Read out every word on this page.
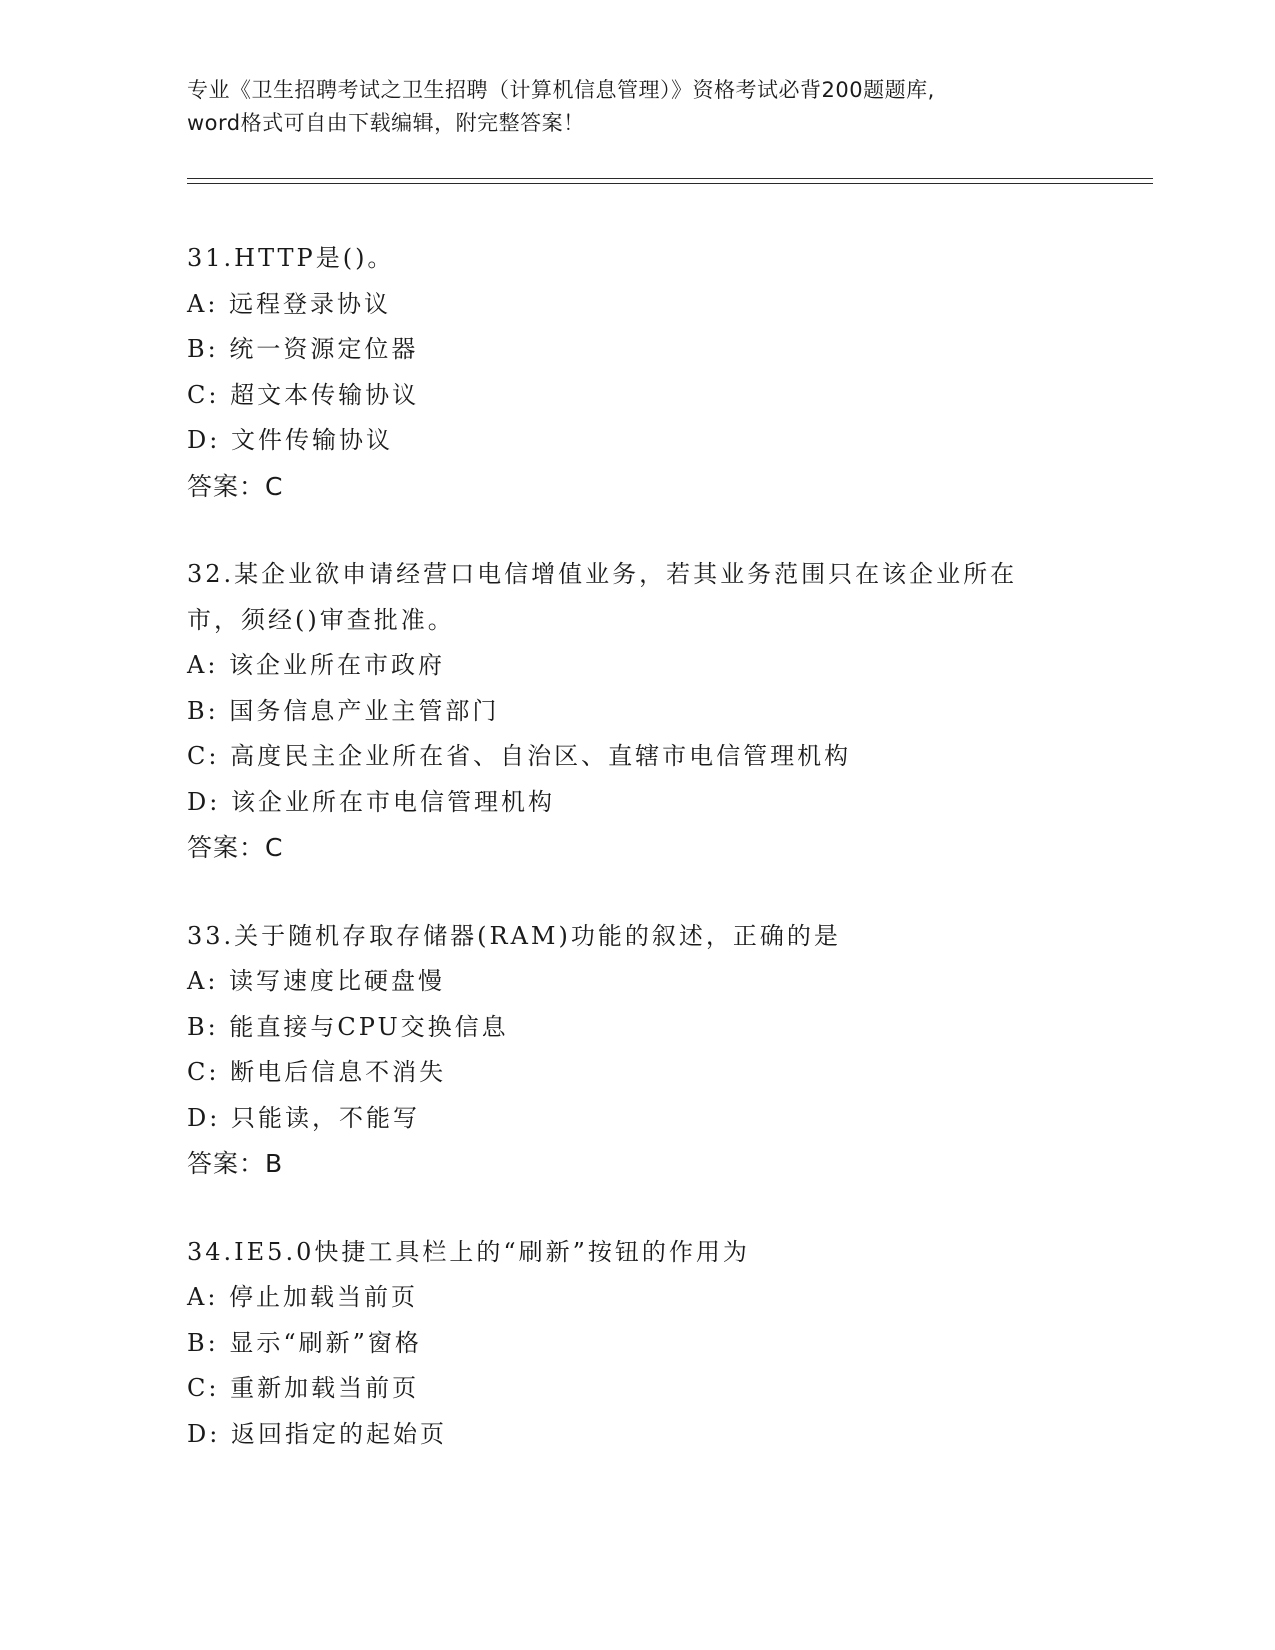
专业《卫生招聘考试之卫生招聘（计算机信息管理）》资格考试必背200题题库,

word格式可自由下载编辑，附完整答案！

31.HTTP是()。

A: 远程登录协议

B: 统一资源定位器

C: 超文本传输协议

D: 文件传输协议

答案：C

32.某企业欲申请经营口电信增值业务，若其业务范围只在该企业所在

市，须经()审查批准。

A: 该企业所在市政府

B: 国务信息产业主管部门

C: 高度民主企业所在省、自治区、直辖市电信管理机构

D: 该企业所在市电信管理机构

答案：C

33.关于随机存取存储器(RAM)功能的叙述，正确的是

A: 读写速度比硬盘慢

B: 能直接与CPU交换信息

C: 断电后信息不消失

D: 只能读，不能写

答案：B

34.IE5.0快捷工具栏上的“刷新”按钮的作用为

A: 停止加载当前页

B: 显示“刷新”窗格

C: 重新加载当前页

D: 返回指定的起始页
